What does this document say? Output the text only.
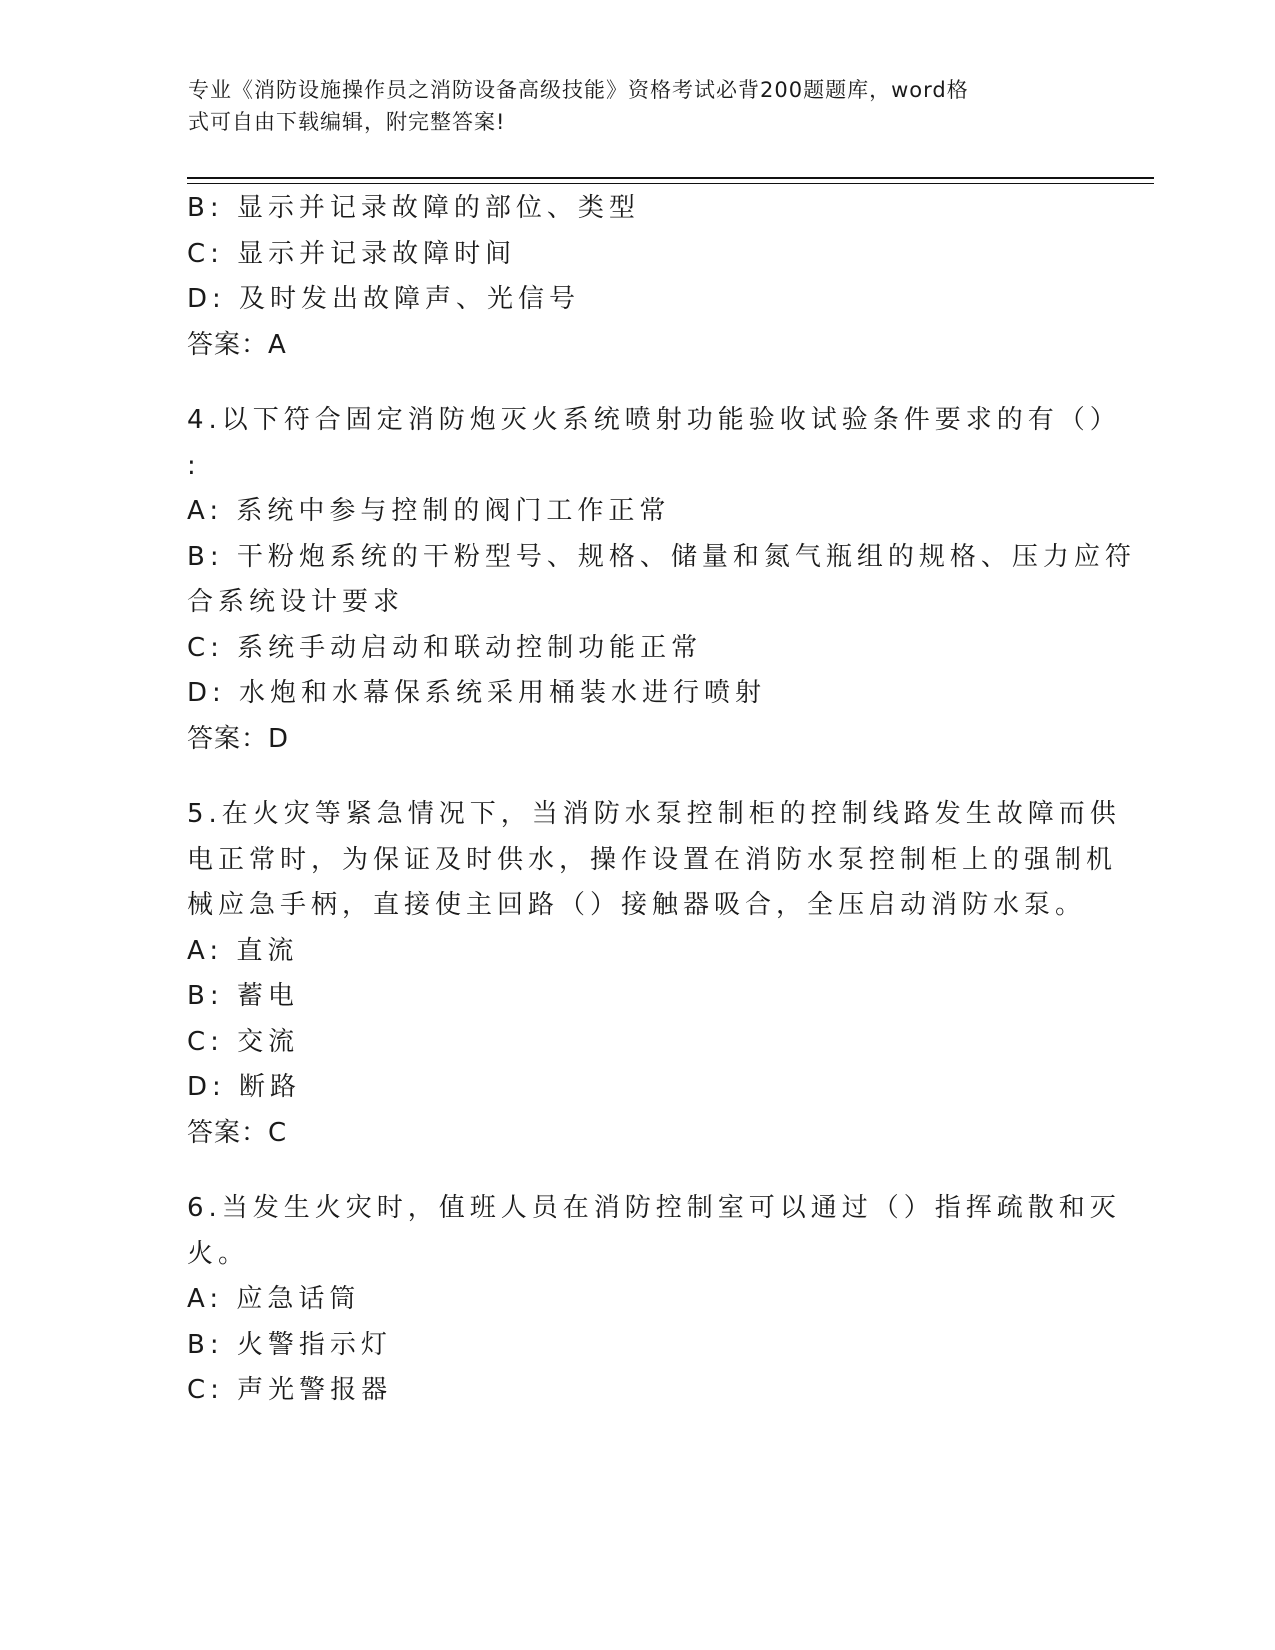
专业《消防设施操作员之消防设备高级技能》资格考试必背200题题库，word格
式可自由下载编辑，附完整答案!
B: 显示并记录故障的部位、类型
C: 显示并记录故障时间
D: 及时发出故障声、光信号
答案：A
4.以下符合固定消防炮灭火系统喷射功能验收试验条件要求的有（）
:
A: 系统中参与控制的阀门工作正常
B: 干粉炮系统的干粉型号、规格、储量和氮气瓶组的规格、压力应符
合系统设计要求
C: 系统手动启动和联动控制功能正常
D: 水炮和水幕保系统采用桶装水进行喷射
答案：D
5.在火灾等紧急情况下，当消防水泵控制柜的控制线路发生故障而供
电正常时，为保证及时供水，操作设置在消防水泵控制柜上的强制机
械应急手柄，直接使主回路（）接触器吸合，全压启动消防水泵。
A: 直流
B: 蓄电
C: 交流
D: 断路
答案：C
6.当发生火灾时，值班人员在消防控制室可以通过（）指挥疏散和灭
火。
A: 应急话筒
B: 火警指示灯
C: 声光警报器
